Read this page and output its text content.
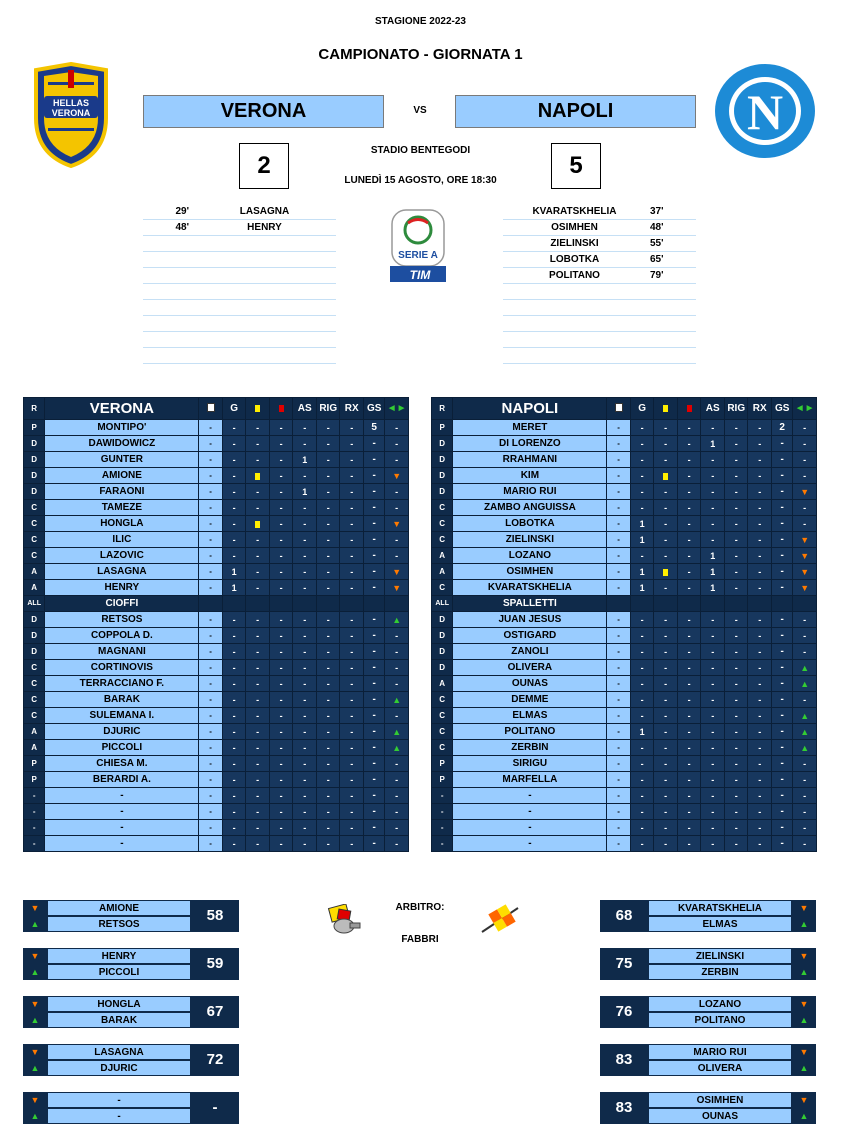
STAGIONE 2022-23
CAMPIONATO - GIORNATA 1
HELLAS
VERONA	N
VERONA	VS	NAPOLI
2
STADIO BENTEGODI
LUNEDÌ 15 AGOSTO, ORE 18:30
5
29'	LASAGNA
48'	HENRY
KVARATSKHELIA	37'
OSIMHEN	48'
ZIELINSKI	55'
LOBOTKA	65'
POLITANO	79'
SERIE A
TIM
R	VERONA		G			AS	RIG	RX	GS	◄►
P	MONTIPO'	-	-	-	-	-	-	-	5	-
D	DAWIDOWICZ	-	-	-	-	-	-	-	-	-
D	GUNTER	-	-	-	-	1	-	-	-	-
D	AMIONE	-	-		-	-	-	-	-	▼
D	FARAONI	-	-	-	-	1	-	-	-	-
C	TAMEZE	-	-	-	-	-	-	-	-	-
C	HONGLA	-	-		-	-	-	-	-	▼
C	ILIC	-	-	-	-	-	-	-	-	-
C	LAZOVIC	-	-	-	-	-	-	-	-	-
A	LASAGNA	-	1	-	-	-	-	-	-	▼
A	HENRY	-	1	-	-	-	-	-	-	▼
ALL	CIOFFI									
D	RETSOS	-	-	-	-	-	-	-	-	▲
D	COPPOLA D.	-	-	-	-	-	-	-	-	-
D	MAGNANI	-	-	-	-	-	-	-	-	-
C	CORTINOVIS	-	-	-	-	-	-	-	-	-
C	TERRACCIANO F.	-	-	-	-	-	-	-	-	-
C	BARAK	-	-	-	-	-	-	-	-	▲
C	SULEMANA I.	-	-	-	-	-	-	-	-	-
A	DJURIC	-	-	-	-	-	-	-	-	▲
A	PICCOLI	-	-	-	-	-	-	-	-	▲
P	CHIESA M.	-	-	-	-	-	-	-	-	-
P	BERARDI A.	-	-	-	-	-	-	-	-	-
-	-	-	-	-	-	-	-	-	-	-
-	-	-	-	-	-	-	-	-	-	-
-	-	-	-	-	-	-	-	-	-	-
-	-	-	-	-	-	-	-	-	-	-
R	NAPOLI		G			AS	RIG	RX	GS	◄►
P	MERET	-	-	-	-	-	-	-	2	-
D	DI LORENZO	-	-	-	-	1	-	-	-	-
D	RRAHMANI	-	-	-	-	-	-	-	-	-
D	KIM	-	-		-	-	-	-	-	-
D	MARIO RUI	-	-	-	-	-	-	-	-	▼
C	ZAMBO ANGUISSA	-	-	-	-	-	-	-	-	-
C	LOBOTKA	-	1	-	-	-	-	-	-	-
C	ZIELINSKI	-	1	-	-	-	-	-	-	▼
A	LOZANO	-	-	-	-	1	-	-	-	▼
A	OSIMHEN	-	1		-	1	-	-	-	▼
C	KVARATSKHELIA	-	1	-	-	1	-	-	-	▼
ALL	SPALLETTI									
D	JUAN JESUS	-	-	-	-	-	-	-	-	-
D	OSTIGARD	-	-	-	-	-	-	-	-	-
D	ZANOLI	-	-	-	-	-	-	-	-	-
D	OLIVERA	-	-	-	-	-	-	-	-	▲
A	OUNAS	-	-	-	-	-	-	-	-	▲
C	DEMME	-	-	-	-	-	-	-	-	-
C	ELMAS	-	-	-	-	-	-	-	-	▲
C	POLITANO	-	1	-	-	-	-	-	-	▲
C	ZERBIN	-	-	-	-	-	-	-	-	▲
P	SIRIGU	-	-	-	-	-	-	-	-	-
P	MARFELLA	-	-	-	-	-	-	-	-	-
-	-	-	-	-	-	-	-	-	-	-
-	-	-	-	-	-	-	-	-	-	-
-	-	-	-	-	-	-	-	-	-	-
-	-	-	-	-	-	-	-	-	-	-
ARBITRO:
FABBRI
▼
▲
AMIONE
RETSOS
58
▼
▲
HENRY
PICCOLI
59
▼
▲
HONGLA
BARAK
67
▼
▲
LASAGNA
DJURIC
72
▼
▲
-
-
-
68	KVARATSKHELIA
ELMAS
▼
▲
75	ZIELINSKI
ZERBIN
▼
▲
76	LOZANO
POLITANO
▼
▲
83	MARIO RUI
OLIVERA
▼
▲
83	OSIMHEN
OUNAS
▼
▲
